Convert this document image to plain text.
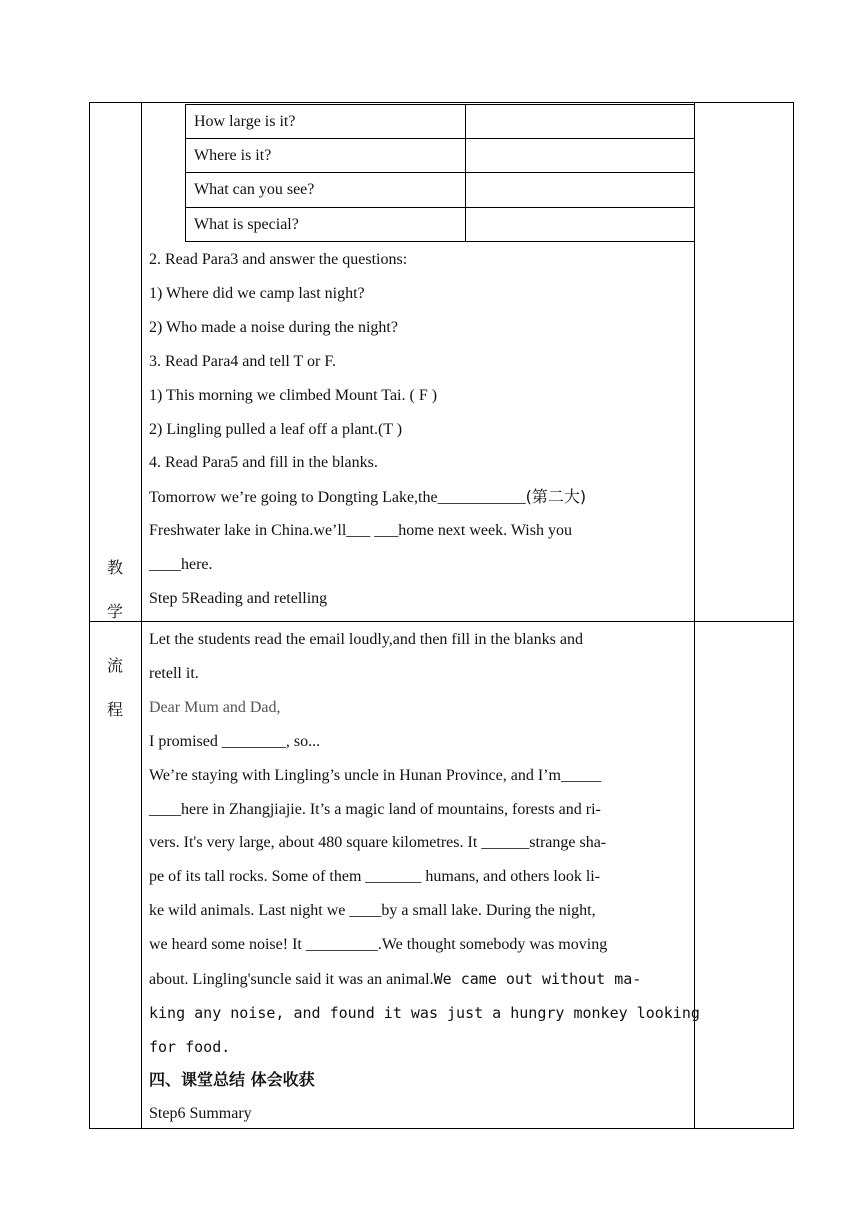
How large is it?
Where is it?
What can you see?
What is special?
教
学
流
程
2. Read Para3 and answer the questions:
1) Where did we camp last night?
2) Who made a noise during the night?
3. Read Para4 and tell T or F.
1) This morning we climbed Mount Tai. ( F )
2) Lingling pulled a leaf off a plant.(T )
4. Read Para5 and fill in the blanks.
Tomorrow we’re going to Dongting Lake,the___________(第二大)
Freshwater lake in China.we’ll___ ___home next week. Wish you
____here.
Step 5Reading and retelling
Let the students read the email loudly,and then fill in the blanks and
retell it.
Dear Mum and Dad,
I promised ________, so...
We’re staying with Lingling’s uncle in Hunan Province, and I’m_____
____here in Zhangjiajie. It’s a magic land of mountains, forests and ri-
vers. It's very large, about 480 square kilometres. It ______strange sha-
pe of its tall rocks. Some of them _______ humans, and others look li-
ke wild animals. Last night we ____by a small lake. During the night,
we heard some noise! It _________.We thought somebody was moving
about. Lingling'suncle said it was an animal.We came out without ma-
king any noise, and found it was just a hungry monkey looking
for food.
四、课堂总结 体会收获
Step6 Summary
